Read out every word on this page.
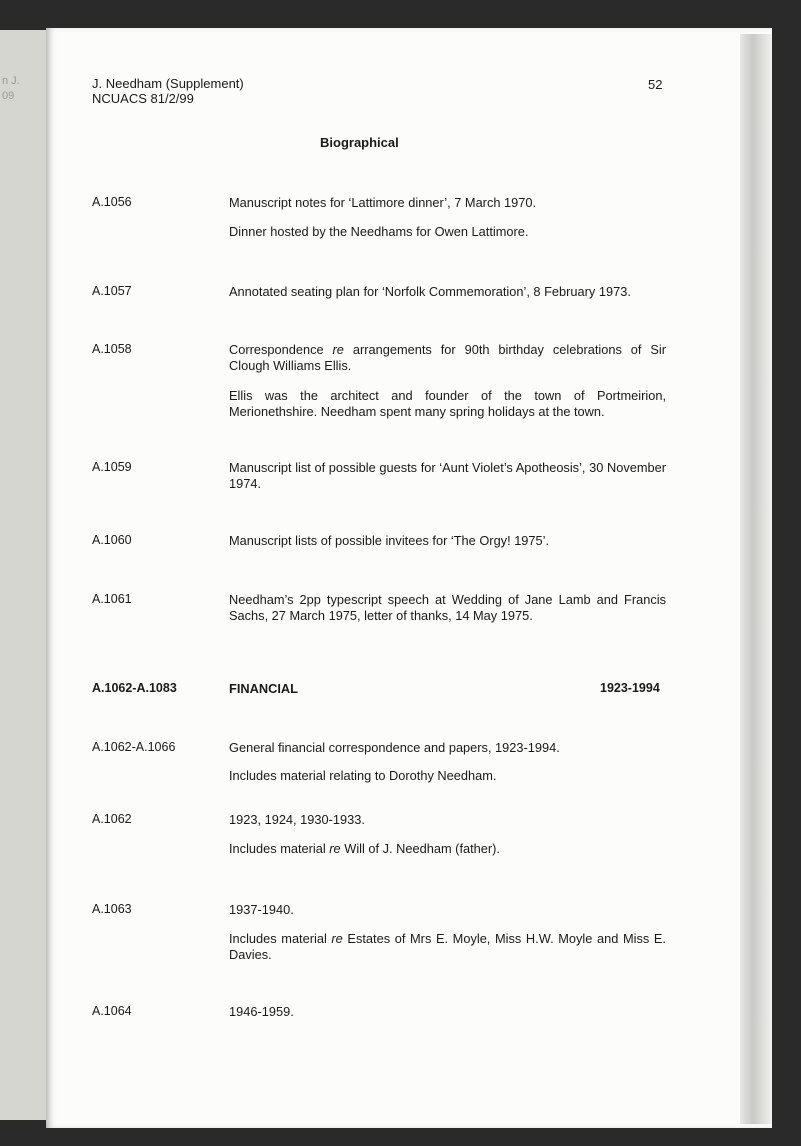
n J.
09
J. Needham (Supplement)
NCUACS 81/2/99
52
Biographical
A.1056	Manuscript notes for ‘Lattimore dinner’, 7 March 1970.
Dinner hosted by the Needhams for Owen Lattimore.
A.1057	Annotated seating plan for ‘Norfolk Commemoration’, 8 February 1973.
A.1058	Correspondence re arrangements for 90th birthday celebrations of Sir Clough Williams Ellis.
Ellis was the architect and founder of the town of Portmeirion, Merionethshire. Needham spent many spring holidays at the town.
A.1059	Manuscript list of possible guests for ‘Aunt Violet’s Apotheosis’, 30 November 1974.
A.1060	Manuscript lists of possible invitees for ‘The Orgy! 1975’.
A.1061	Needham’s 2pp typescript speech at Wedding of Jane Lamb and Francis Sachs, 27 March 1975, letter of thanks, 14 May 1975.
A.1062-A.1083	FINANCIAL	1923-1994
A.1062-A.1066	General financial correspondence and papers, 1923-1994.
Includes material relating to Dorothy Needham.
A.1062	1923, 1924, 1930-1933.
Includes material re Will of J. Needham (father).
A.1063	1937-1940.
Includes material re Estates of Mrs E. Moyle, Miss H.W. Moyle and Miss E. Davies.
A.1064	1946-1959.
